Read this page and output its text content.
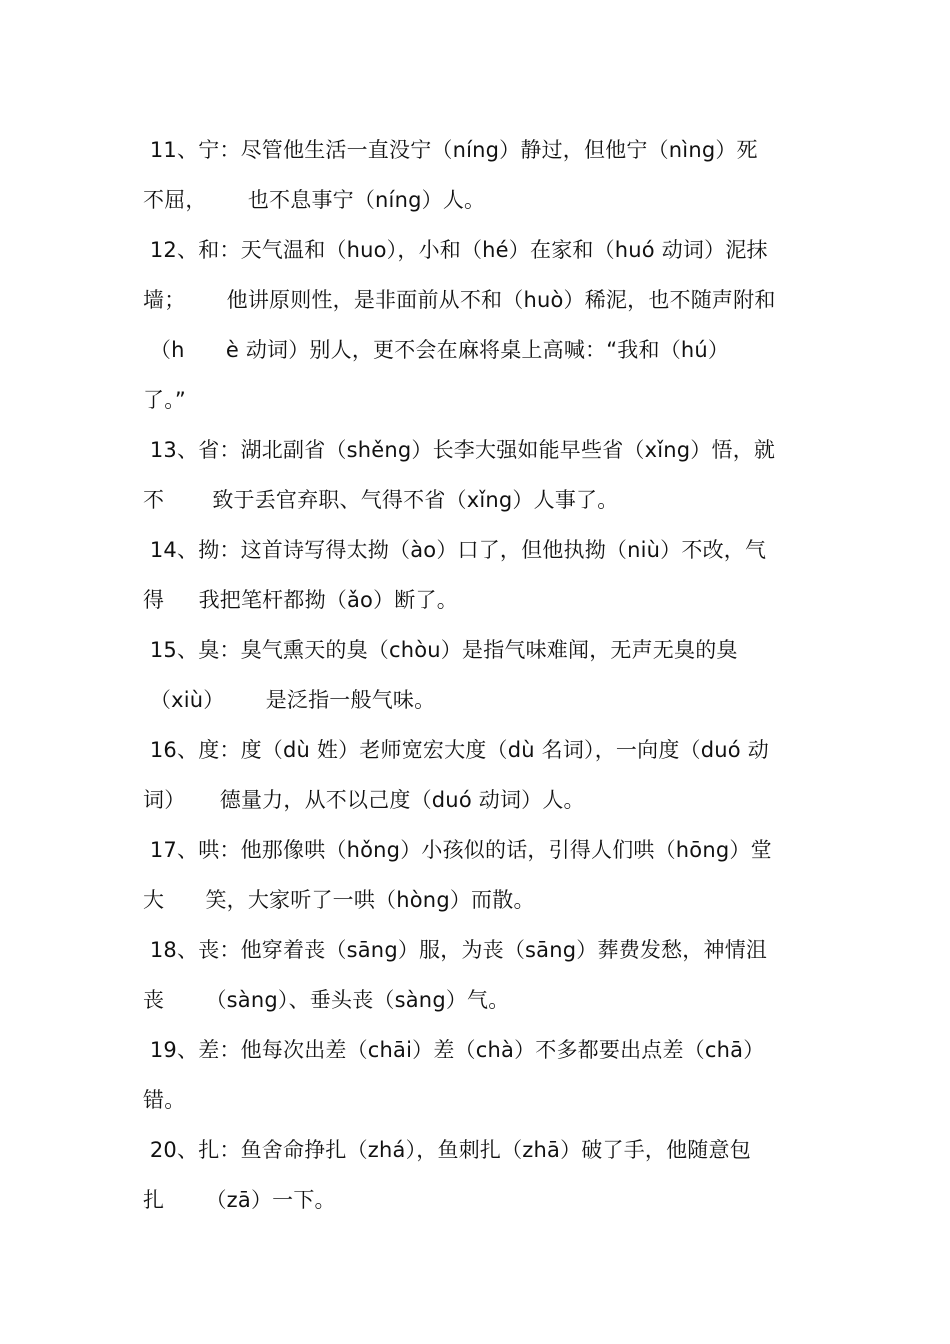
11、宁：尽管他生活一直没宁（níng）静过，但他宁（nìng）死
不屈，      也不息事宁（níng）人。
12、和：天气温和（huo），小和（hé）在家和（huó 动词）泥抹
墙；      他讲原则性，是非面前从不和（huò）稀泥，也不随声附和
（h      è 动词）别人，更不会在麻将桌上高喊：“我和（hú）
了。”
13、省：湖北副省（shěng）长李大强如能早些省（xǐng）悟，就
不       致于丢官弃职、气得不省（xǐng）人事了。
14、拗：这首诗写得太拗（ào）口了，但他执拗（niù）不改，气
得     我把笔杆都拗（ǎo）断了。
15、臭：臭气熏天的臭（chòu）是指气味难闻，无声无臭的臭
（xiù）      是泛指一般气味。
16、度：度（dù 姓）老师宽宏大度（dù 名词），一向度（duó 动
词）     德量力，从不以己度（duó 动词）人。
17、哄：他那像哄（hǒng）小孩似的话，引得人们哄（hōng）堂
大      笑，大家听了一哄（hòng）而散。
18、丧：他穿着丧（sāng）服，为丧（sāng）葬费发愁，神情沮
丧      （sàng）、垂头丧（sàng）气。
19、差：他每次出差（chāi）差（chà）不多都要出点差（chā）
错。
20、扎：鱼舍命挣扎（zhá），鱼刺扎（zhā）破了手，他随意包
扎      （zā）一下。
